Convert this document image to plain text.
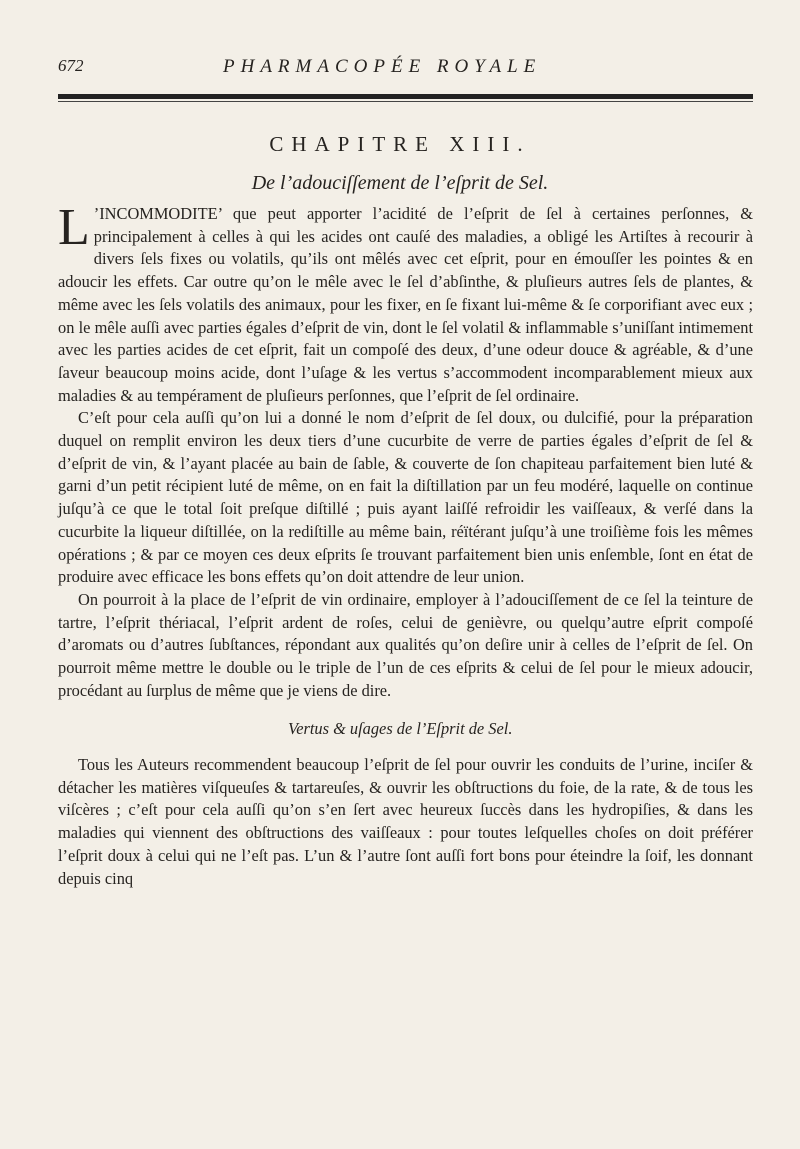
672	PHARMACOPÉE ROYALE
CHAPITRE XIII.
De l’adouciſſement de l’eſprit de Sel.

L ’INCOMMODITE’ que peut apporter l’acidité de l’eſprit de ſel à certaines perſonnes, & principalement à celles à qui les acides ont cauſé des maladies, a obligé les Artiſtes à recourir à divers ſels fixes ou volatils, qu’ils ont mêlés avec cet eſprit, pour en émouſſer les pointes & en adoucir les effets. Car outre qu’on le mêle avec le ſel d’abſinthe, & pluſieurs autres ſels de plantes, & même avec les ſels volatils des animaux, pour les fixer, en ſe fixant lui-même & ſe corporifiant avec eux ; on le mêle auſſi avec parties égales d’eſprit de vin, dont le ſel volatil & inflammable s’uniſſant intimement avec les parties acides de cet eſprit, fait un compoſé des deux, d’une odeur douce & agréable, & d’une ſaveur beaucoup moins acide, dont l’uſage & les vertus s’accommodent incomparablement mieux aux maladies & au tempérament de pluſieurs perſonnes, que l’eſprit de ſel ordinaire.

C’eſt pour cela auſſi qu’on lui a donné le nom d’eſprit de ſel doux, ou dulcifié, pour la préparation duquel on remplit environ les deux tiers d’une cucurbite de verre de parties égales d’eſprit de ſel & d’eſprit de vin, & l’ayant placée au bain de ſable, & couverte de ſon chapiteau parfaitement bien luté & garni d’un petit récipient luté de même, on en fait la diſtillation par un feu modéré, laquelle on continue juſqu’à ce que le total ſoit preſque diſtillé ; puis ayant laiſſé refroidir les vaiſſeaux, & verſé dans la cucurbite la liqueur diſtillée, on la rediſtille au même bain, réïtérant juſqu’à une troiſième fois les mêmes opérations ; & par ce moyen ces deux eſprits ſe trouvant parfaitement bien unis enſemble, ſont en état de produire avec efficace les bons effets qu’on doit attendre de leur union.

On pourroit à la place de l’eſprit de vin ordinaire, employer à l’adouciſſement de ce ſel la teinture de tartre, l’eſprit thériacal, l’eſprit ardent de roſes, celui de genièvre, ou quelqu’autre eſprit compoſé d’aromats ou d’autres ſubſtances, répondant aux qualités qu’on deſire unir à celles de l’eſprit de ſel. On pourroit même mettre le double ou le triple de l’un de ces eſprits & celui de ſel pour le mieux adoucir, procédant au ſurplus de même que je viens de dire.

Vertus & uſages de l’Eſprit de Sel.

Tous les Auteurs recommendent beaucoup l’eſprit de ſel pour ouvrir les conduits de l’urine, inciſer & détacher les matières viſqueuſes & tartareuſes, & ouvrir les obſtructions du foie, de la rate, & de tous les viſcères ; c’eſt pour cela auſſi qu’on s’en ſert avec heureux ſuccès dans les hydropiſies, & dans les maladies qui viennent des obſtructions des vaiſſeaux : pour toutes leſquelles choſes on doit préférer l’eſprit doux à celui qui ne l’eſt pas. L’un & l’autre ſont auſſi fort bons pour éteindre la ſoif, les donnant depuis cinq
